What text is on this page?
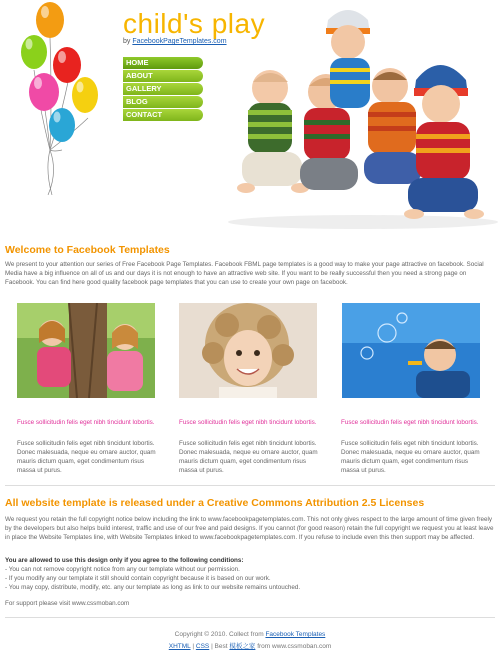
child's play
by FacebookPageTemplates.com
HOME
ABOUT
GALLERY
BLOG
CONTACT
Welcome to Facebook Templates
We present to your attention our series of Free Facebook Page Templates. Facebook FBML page templates is a good way to make your page attractive on facebook. Social Media have a big influence on all of us and our days it is not enough to have an attractive web site. If you want to be really successful then you need a strong page on Facebook. You can find here good quality facebook page templates that you can use to create your own page on facebook.
Fusce sollicitudin felis eget nibh tincidunt lobortis.
Fusce sollicitudin felis eget nibh tincidunt lobortis. Donec malesuada, neque eu ornare auctor, quam mauris dictum quam, eget condimentum risus massa ut purus.
Fusce sollicitudin felis eget nibh tincidunt lobortis.
Fusce sollicitudin felis eget nibh tincidunt lobortis. Donec malesuada, neque eu ornare auctor, quam mauris dictum quam, eget condimentum risus massa ut purus.
Fusce sollicitudin felis eget nibh tincidunt lobortis.
Fusce sollicitudin felis eget nibh tincidunt lobortis. Donec malesuada, neque eu ornare auctor, quam mauris dictum quam, eget condimentum risus massa ut purus.
All website template is released under a Creative Commons Attribution 2.5 Licenses
We request you retain the full copyright notice below including the link to www.facebookpagetemplates.com. This not only gives respect to the large amount of time given freely by the developers but also helps build interest, traffic and use of our free and paid designs. If you cannot (for good reason) retain the full copyright we request you at least leave in place the Website Templates line, with Website Templates linked to www.facebookpagetemplates.com. If you refuse to include even this then support may be affected.
You are allowed to use this design only if you agree to the following conditions:
- You can not remove copyright notice from any our template without our permission.
- If you modify any our template it still should contain copyright because it is based on our work.
- You may copy, distribute, modify, etc. any our template as long as link to our website remains untouched.
For support please visit www.cssmoban.com
Copyright © 2010. Collect from Facebook Templates
XHTML | CSS | Best 模板之家 from www.cssmoban.com
